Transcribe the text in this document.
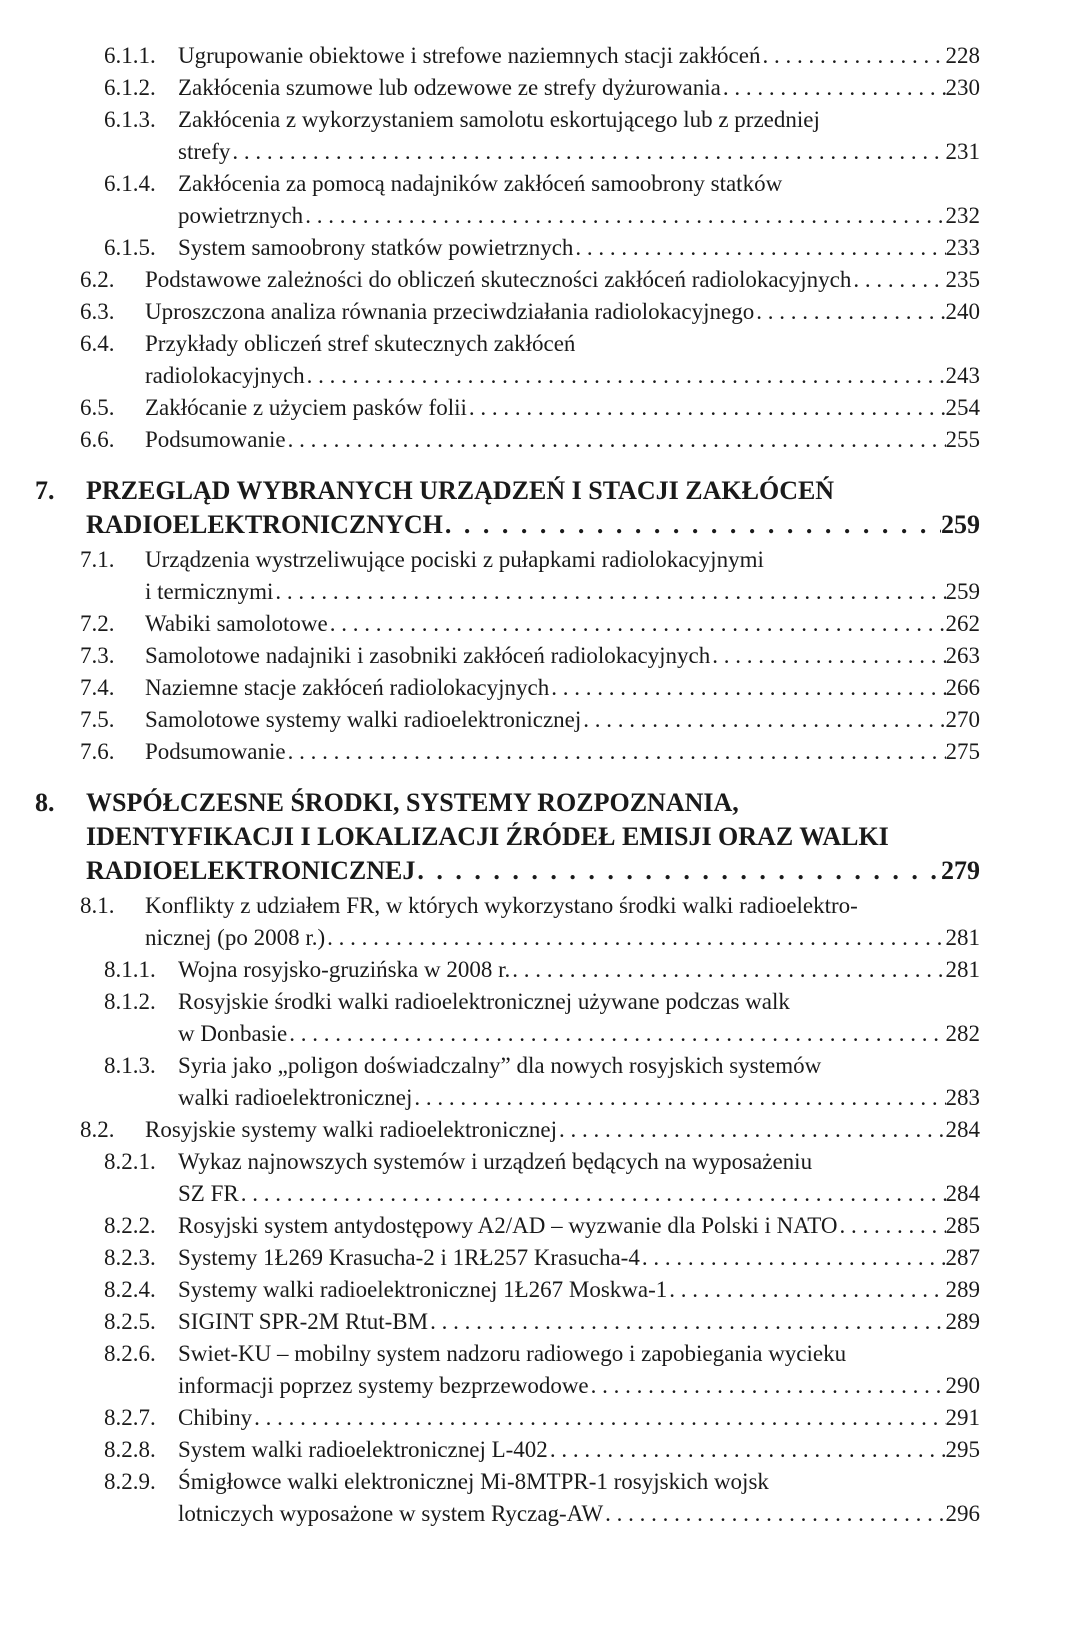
6.1.1. Ugrupowanie obiektowe i strefowe naziemnych stacji zakłóceń . . .	228
6.1.2. Zakłócenia szumowe lub odzewowe ze strefy dyżurowania . . .	230
6.1.3. Zakłócenia z wykorzystaniem samolotu eskortującego lub z przedniej
strefy . . .	231
6.1.4. Zakłócenia za pomocą nadajników zakłóceń samoobrony statków
powietrznych . . .	232
6.1.5. System samoobrony statków powietrznych . . .	233
6.2. Podstawowe zależności do obliczeń skuteczności zakłóceń radiolokacyjnych . . .	235
6.3. Uproszczona analiza równania przeciwdziałania radiolokacyjnego . . .	240
6.4. Przykłady obliczeń stref skutecznych zakłóceń
radiolokacyjnych . . .	243
6.5. Zakłócanie z użyciem pasków folii . . .	254
6.6. Podsumowanie . . .	255
7. PRZEGLĄD WYBRANYCH URZĄDZEŃ I STACJI ZAKŁÓCEŃ
RADIOELEKTRONICZNYCH . . .	259
7.1. Urządzenia wystrzeliwujące pociski z pułapkami radiolokacyjnymi
i termicznymi . . .	259
7.2. Wabiki samolotowe . . .	262
7.3. Samolotowe nadajniki i zasobniki zakłóceń radiolokacyjnych . . .	263
7.4. Naziemne stacje zakłóceń radiolokacyjnych . . .	266
7.5. Samolotowe systemy walki radioelektronicznej . . .	270
7.6. Podsumowanie . . .	275
8. WSPÓŁCZESNE ŚRODKI, SYSTEMY ROZPOZNANIA,
IDENTYFIKACJI I LOKALIZACJI ŹRÓDEŁ EMISJI ORAZ WALKI
RADIOELEKTRONICZNEJ . . .	279
8.1. Konflikty z udziałem FR, w których wykorzystano środki walki radioelektro-
nicznej (po 2008 r.) . . .	281
8.1.1. Wojna rosyjsko-gruzińska w 2008 r. . . .	281
8.1.2. Rosyjskie środki walki radioelektronicznej używane podczas walk
w Donbasie . . .	282
8.1.3. Syria jako „poligon doświadczalny” dla nowych rosyjskich systemów
walki radioelektronicznej . . .	283
8.2. Rosyjskie systemy walki radioelektronicznej . . .	284
8.2.1. Wykaz najnowszych systemów i urządzeń będących na wyposażeniu
SZ FR . . .	284
8.2.2. Rosyjski system antydostępowy A2/AD – wyzwanie dla Polski i NATO . . .	285
8.2.3. Systemy 1Ł269 Krasucha-2 i 1RŁ257 Krasucha-4 . . .	287
8.2.4. Systemy walki radioelektronicznej 1Ł267 Moskwa-1 . . .	289
8.2.5. SIGINT SPR-2M Rtut-BM . . .	289
8.2.6. Swiet-KU – mobilny system nadzoru radiowego i zapobiegania wycieku
informacji poprzez systemy bezprzewodowe . . .	290
8.2.7. Chibiny . . .	291
8.2.8. System walki radioelektronicznej L-402 . . .	295
8.2.9. Śmigłowce walki elektronicznej Mi-8MTPR-1 rosyjskich wojsk
lotniczych wyposażone w system Ryczag-AW . . .	296
